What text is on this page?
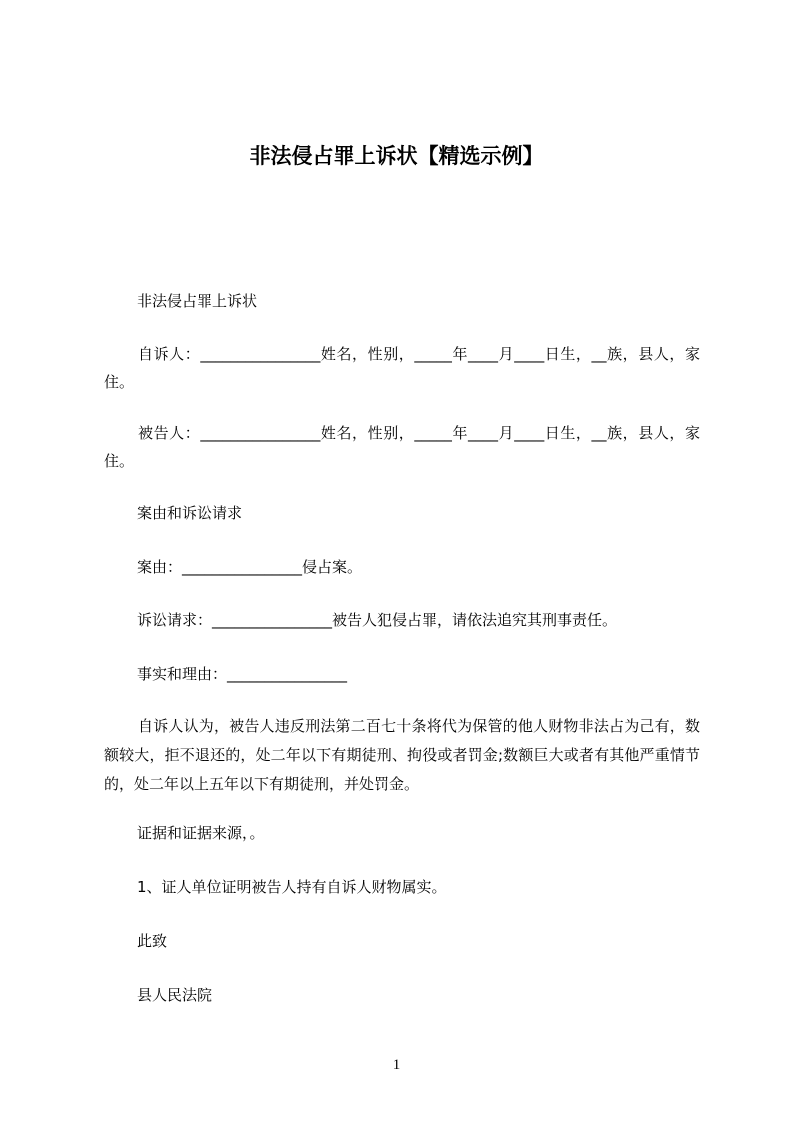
非法侵占罪上诉状【精选示例】
非法侵占罪上诉状
自诉人：________________姓名，性别，_____年____月____日生，__族，县人，家住。
被告人：________________姓名，性别，_____年____月____日生，__族，县人，家住。
案由和诉讼请求
案由：________________侵占案。
诉讼请求：________________被告人犯侵占罪，请依法追究其刑事责任。
事实和理由：________________
自诉人认为，被告人违反刑法第二百七十条将代为保管的他人财物非法占为己有，数额较大，拒不退还的，处二年以下有期徒刑、拘役或者罚金;数额巨大或者有其他严重情节的，处二年以上五年以下有期徒刑，并处罚金。
证据和证据来源，。
1、证人单位证明被告人持有自诉人财物属实。
此致
县人民法院
1
